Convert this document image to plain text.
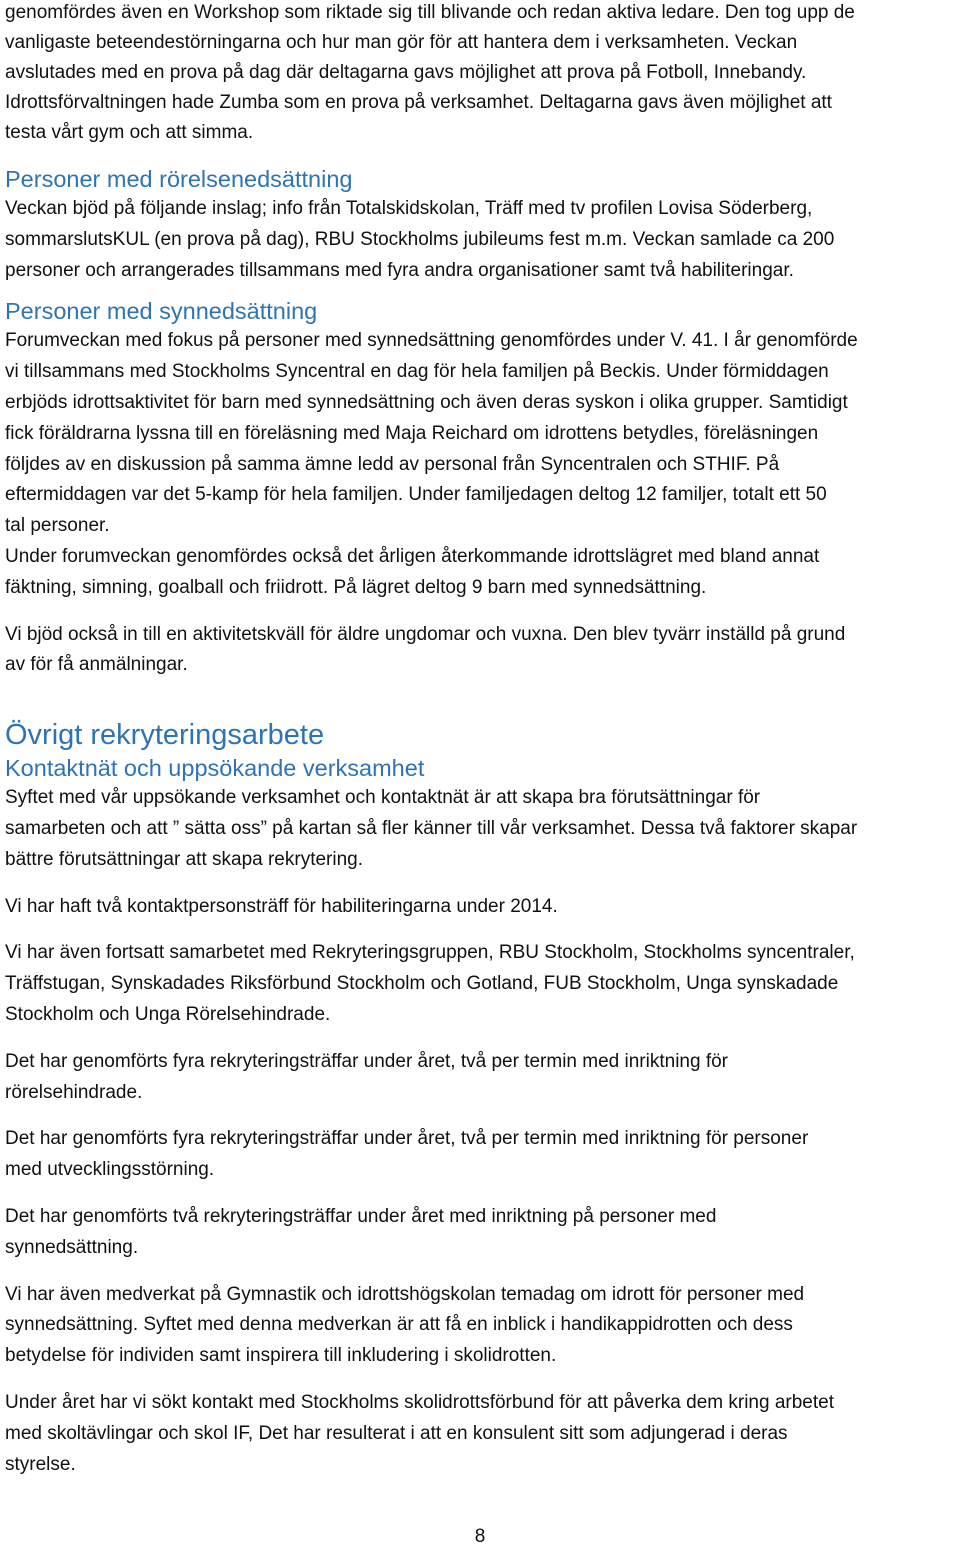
genomfördes även en Workshop som riktade sig till blivande och redan aktiva ledare. Den tog upp de
vanligaste beteendestörningarna och hur man gör för att hantera dem i verksamheten. Veckan
avslutades med en prova på dag där deltagarna gavs möjlighet att prova på Fotboll, Innebandy.
Idrottsförvaltningen hade Zumba som en prova på verksamhet. Deltagarna gavs även möjlighet att
testa vårt gym och att simma.

Personer med rörelsenedsättning

Veckan bjöd på följande inslag; info från Totalskidskolan, Träff med tv profilen Lovisa Söderberg,
sommarslutsKUL (en prova på dag), RBU Stockholms jubileums fest m.m. Veckan samlade ca 200
personer och arrangerades tillsammans med fyra andra organisationer samt två habiliteringar.

Personer med synnedsättning

Forumveckan med fokus på personer med synnedsättning genomfördes under V. 41. I år genomförde
vi tillsammans med Stockholms Syncentral en dag för hela familjen på Beckis. Under förmiddagen
erbjöds idrottsaktivitet för barn med synnedsättning och även deras syskon i olika grupper. Samtidigt
fick föräldrarna lyssna till en föreläsning med Maja Reichard om idrottens betydles, föreläsningen
följdes av en diskussion på samma ämne ledd av personal från Syncentralen och STHIF. På
eftermiddagen var det 5-kamp för hela familjen. Under familjedagen deltog 12 familjer, totalt ett 50
tal personer.
Under forumveckan genomfördes också det årligen återkommande idrottslägret med bland annat
fäktning, simning, goalball och friidrott. På lägret deltog 9 barn med synnedsättning.

Vi bjöd också in till en aktivitetskväll för äldre ungdomar och vuxna. Den blev tyvärr inställd på grund
av för få anmälningar.

Övrigt rekryteringsarbete
Kontaktnät och uppsökande verksamhet

Syftet med vår uppsökande verksamhet och kontaktnät är att skapa bra förutsättningar för
samarbeten och att ” sätta oss” på kartan så fler känner till vår verksamhet. Dessa två faktorer skapar
bättre förutsättningar att skapa rekrytering.

Vi har haft två kontaktpersonsträff för habiliteringarna under 2014.

Vi har även fortsatt samarbetet med Rekryteringsgruppen, RBU Stockholm, Stockholms syncentraler,
Träffstugan, Synskadades Riksförbund Stockholm och Gotland, FUB Stockholm, Unga synskadade
Stockholm och Unga Rörelsehindrade.

Det har genomförts fyra rekryteringsträffar under året, två per termin med inriktning för
rörelsehindrade.

Det har genomförts fyra rekryteringsträffar under året, två per termin med inriktning för personer
med utvecklingsstörning.

Det har genomförts två rekryteringsträffar under året med inriktning på personer med
synnedsättning.

Vi har även medverkat på Gymnastik och idrottshögskolan temadag om idrott för personer med
synnedsättning. Syftet med denna medverkan är att få en inblick i handikappidrotten och dess
betydelse för individen samt inspirera till inkludering i skolidrotten.

Under året har vi sökt kontakt med Stockholms skolidrottsförbund för att påverka dem kring arbetet
med skoltävlingar och skol IF, Det har resulterat i att en konsulent sitt som adjungerad i deras
styrelse.

8
